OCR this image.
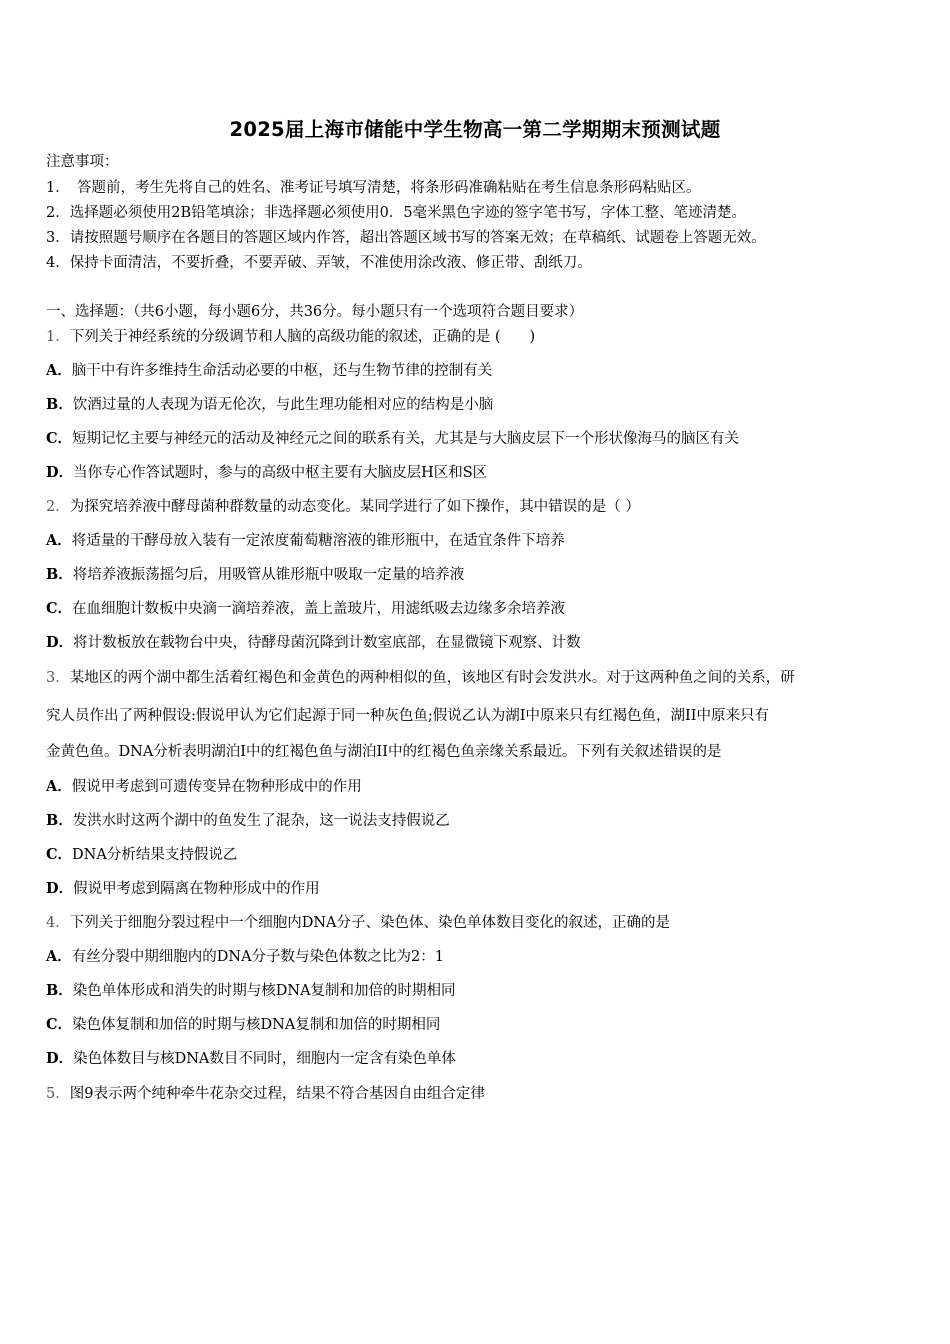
2025届上海市储能中学生物高一第二学期期末预测试题
注意事项：
1．　答题前，考生先将自己的姓名、准考证号填写清楚，将条形码准确粘贴在考生信息条形码粘贴区。
2．选择题必须使用2B铅笔填涂；非选择题必须使用0．5毫米黑色字迹的签字笔书写，字体工整、笔迹清楚。
3．请按照题号顺序在各题目的答题区域内作答，超出答题区域书写的答案无效；在草稿纸、试题卷上答题无效。
4．保持卡面清洁，不要折叠，不要弄破、弄皱，不准使用涂改液、修正带、刮纸刀。
一、选择题：（共6小题，每小题6分，共36分。每小题只有一个选项符合题目要求）
1．下列关于神经系统的分级调节和人脑的高级功能的叙述，正确的是 (　　)
A．脑干中有许多维持生命活动必要的中枢，还与生物节律的控制有关
B．饮酒过量的人表现为语无伦次，与此生理功能相对应的结构是小脑
C．短期记忆主要与神经元的活动及神经元之间的联系有关，尤其是与大脑皮层下一个形状像海马的脑区有关
D．当你专心作答试题时，参与的高级中枢主要有大脑皮层H区和S区
2．为探究培养液中酵母菌种群数量的动态变化。某同学进行了如下操作，其中错误的是（ ）
A．将适量的干酵母放入装有一定浓度葡萄糖溶液的锥形瓶中，在适宜条件下培养
B．将培养液振荡摇匀后，用吸管从锥形瓶中吸取一定量的培养液
C．在血细胞计数板中央滴一滴培养液，盖上盖玻片，用滤纸吸去边缘多余培养液
D．将计数板放在载物台中央，待酵母菌沉降到计数室底部，在显微镜下观察、计数
3．某地区的两个湖中都生活着红褐色和金黄色的两种相似的鱼，该地区有时会发洪水。对于这两种鱼之间的关系，研
究人员作出了两种假设:假说甲认为它们起源于同一种灰色鱼;假说乙认为湖I中原来只有红褐色鱼，湖II中原来只有
金黄色鱼。DNA分析表明湖泊Ⅰ中的红褐色鱼与湖泊II中的红褐色鱼亲缘关系最近。下列有关叙述错误的是
A．假说甲考虑到可遗传变异在物种形成中的作用
B．发洪水时这两个湖中的鱼发生了混杂，这一说法支持假说乙
C．DNA分析结果支持假说乙
D．假说甲考虑到隔离在物种形成中的作用
4．下列关于细胞分裂过程中一个细胞内DNA分子、染色体、染色单体数目变化的叙述，正确的是
A．有丝分裂中期细胞内的DNA分子数与染色体数之比为2：1
B．染色单体形成和消失的时期与核DNA复制和加倍的时期相同
C．染色体复制和加倍的时期与核DNA复制和加倍的时期相同
D．染色体数目与核DNA数目不同时，细胞内一定含有染色单体
5．图9表示两个纯种牵牛花杂交过程，结果不符合基因自由组合定律
